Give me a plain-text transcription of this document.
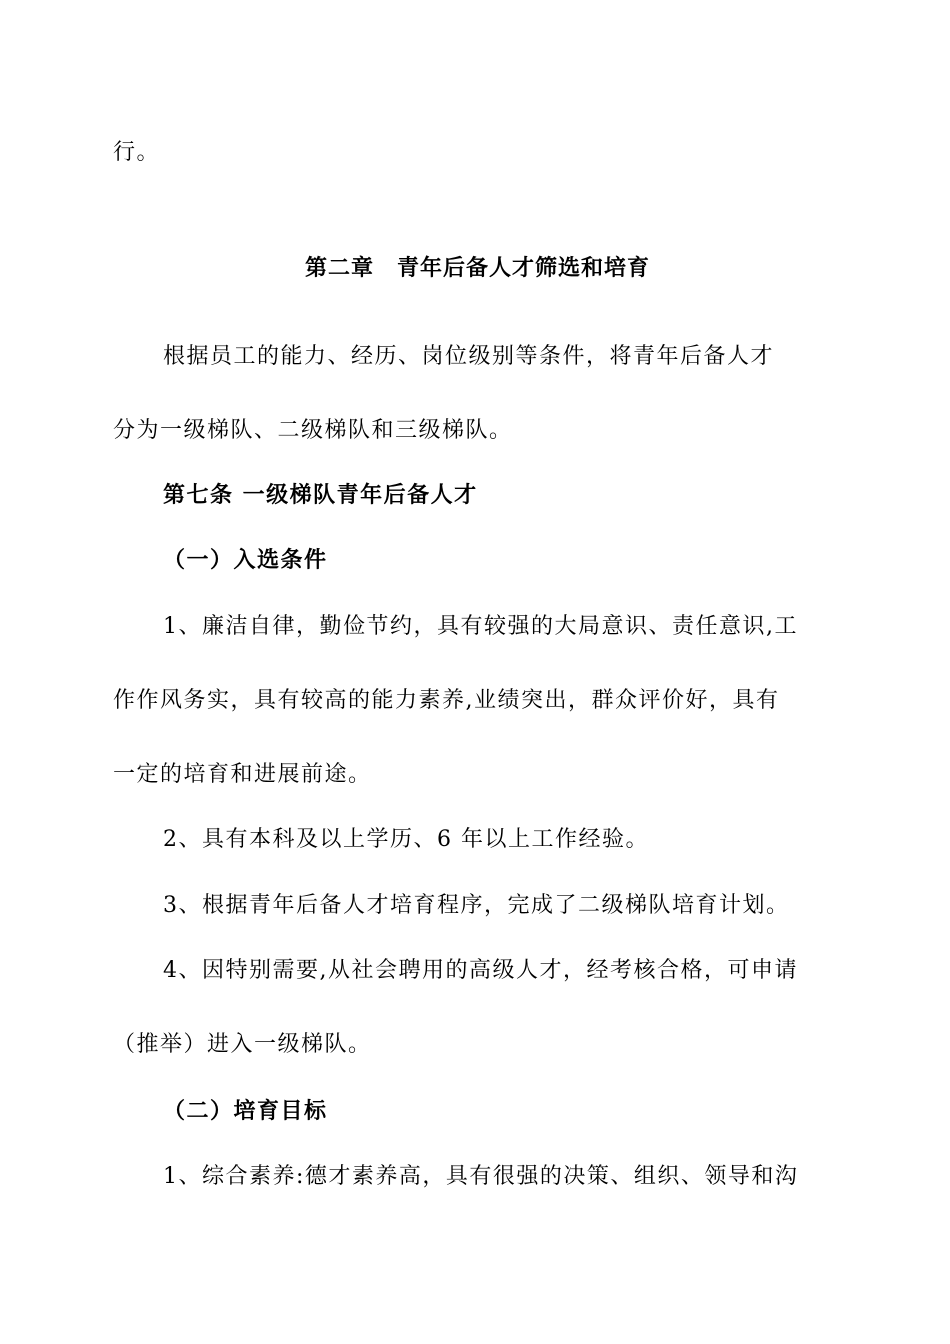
行。
第二章　青年后备人才筛选和培育
根据员工的能力、经历、岗位级别等条件，将青年后备人才
分为一级梯队、二级梯队和三级梯队。
第七条 一级梯队青年后备人才
（一）入选条件
1、廉洁自律，勤俭节约，具有较强的大局意识、责任意识,工
作作风务实，具有较高的能力素养,业绩突出，群众评价好，具有
一定的培育和进展前途。
2、具有本科及以上学历、6 年以上工作经验。
3、根据青年后备人才培育程序，完成了二级梯队培育计划。
4、因特别需要,从社会聘用的高级人才，经考核合格，可申请
（推举）进入一级梯队。
（二）培育目标
1、综合素养:德才素养高，具有很强的决策、组织、领导和沟
